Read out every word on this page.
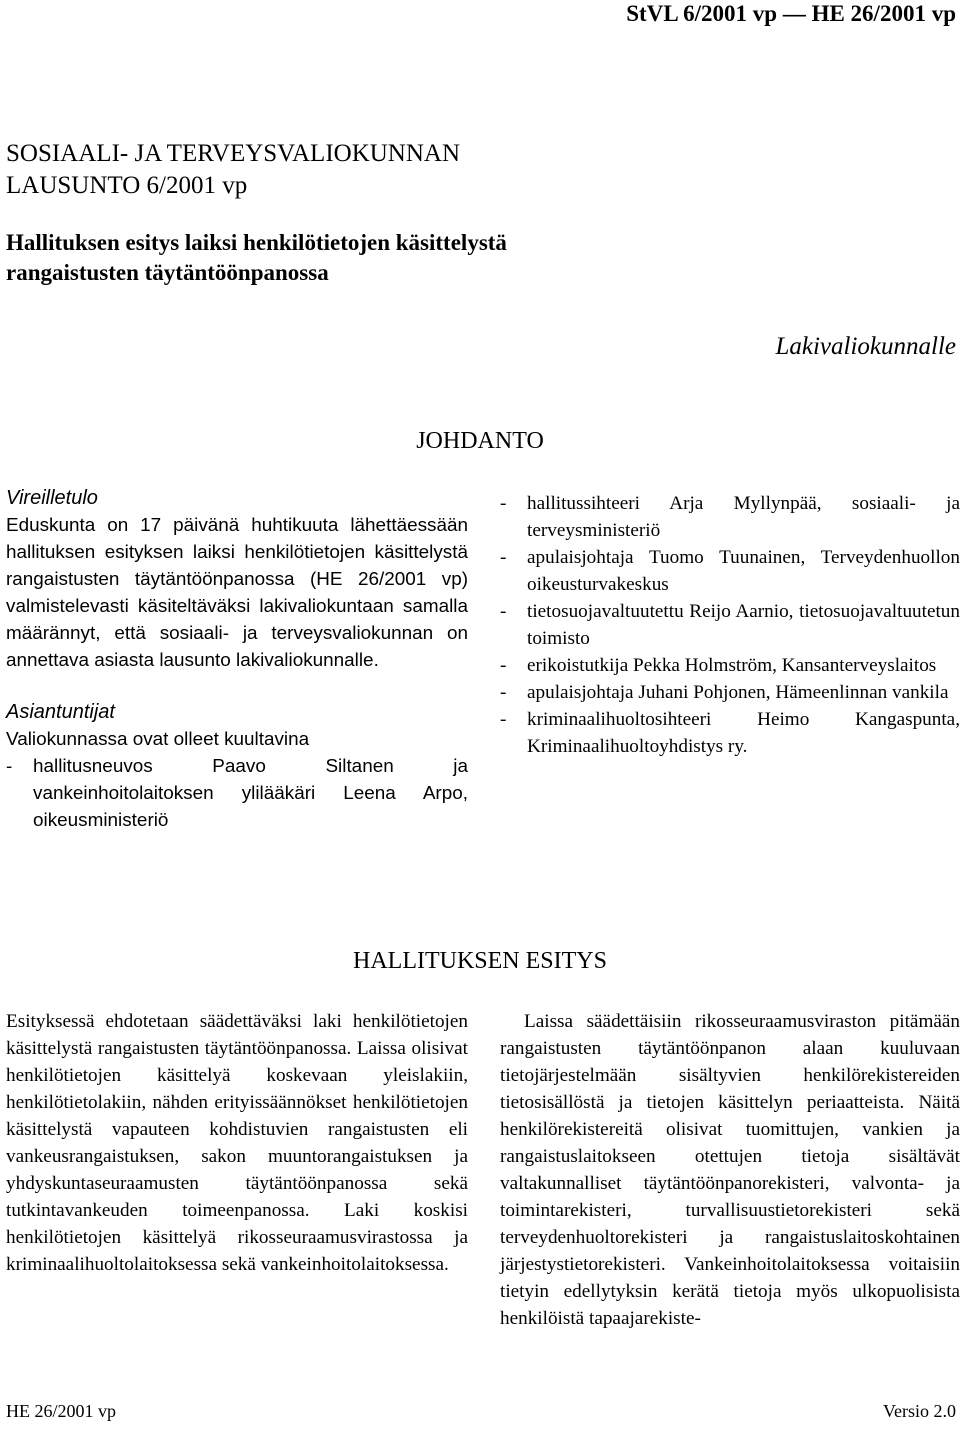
StVL 6/2001 vp — HE 26/2001 vp
SOSIAALI- JA TERVEYSVALIOKUNNAN LAUSUNTO 6/2001 vp
Hallituksen esitys laiksi henkilötietojen käsittelystä rangaistusten täytäntöönpanossa
Lakivaliokunnalle
JOHDANTO
Vireilletulo

Eduskunta on 17 päivänä huhtikuuta lähettäessään hallituksen esityksen laiksi henkilötietojen käsittelystä rangaistusten täytäntöönpanossa (HE 26/2001 vp) valmistelevasti käsiteltäväksi lakivaliokuntaan samalla määrännyt, että sosiaali- ja terveysvaliokunnan on annettava asiasta lausunto lakivaliokunnalle.

Asiantuntijat

Valiokunnassa ovat olleet kuultavina

- hallitusneuvos Paavo Siltanen ja vankeinhoitolaitoksen ylilääkäri Leena Arpo, oikeusministeriö
- hallitussihteeri Arja Myllynpää, sosiaali- ja terveysministeriö
- apulaisjohtaja Tuomo Tuunainen, Terveydenhuollon oikeusturvakeskus
- tietosuojavaltuutettu Reijo Aarnio, tietosuojavaltuutetun toimisto
- erikoistutkija Pekka Holmström, Kansanterveyslaitos
- apulaisjohtaja Juhani Pohjonen, Hämeenlinnan vankila
- kriminaalihuoltosihteeri Heimo Kangaspunta, Kriminaalihuoltoyhdistys ry.
HALLITUKSEN ESITYS

Esityksessä ehdotetaan säädettäväksi laki henkilötietojen käsittelystä rangaistusten täytäntöönpanossa. Laissa olisivat henkilötietojen käsittelyä koskevaan yleislakiin, henkilötietolakiin, nähden erityissäännökset henkilötietojen käsittelystä vapauteen kohdistuvien rangaistusten eli vankeusrangaistuksen, sakon muuntorangaistuksen ja yhdyskuntaseuraamusten täytäntöönpanossa sekä tutkintavankeuden toimeenpanossa. Laki koskisi henkilötietojen käsittelyä rikosseuraamusvirastossa ja kriminaalihuoltolaitoksessa sekä vankeinhoitolaitoksessa.

Laissa säädettäisiin rikosseuraamusviraston pitämään rangaistusten täytäntöönpanon alaan kuuluvaan tietojärjestelmään sisältyvien henkilörekistereiden tietosisällöstä ja tietojen käsittelyn periaatteista. Näitä henkilörekistereitä olisivat tuomittujen, vankien ja rangaistuslaitokseen otettujen tietoja sisältävät valtakunnalliset täytäntöönpanorekisteri, valvonta- ja toimintarekisteri, turvallisuustietorekisteri sekä terveydenhuoltorekisteri ja rangaistuslaitoskohtainen järjestystietorekisteri. Vankeinhoitolaitoksessa voitaisiin tietyin edellytyksin kerätä tietoja myös ulkopuolisista henkilöistä tapaajarekiste-

HE 26/2001 vp	Versio 2.0
